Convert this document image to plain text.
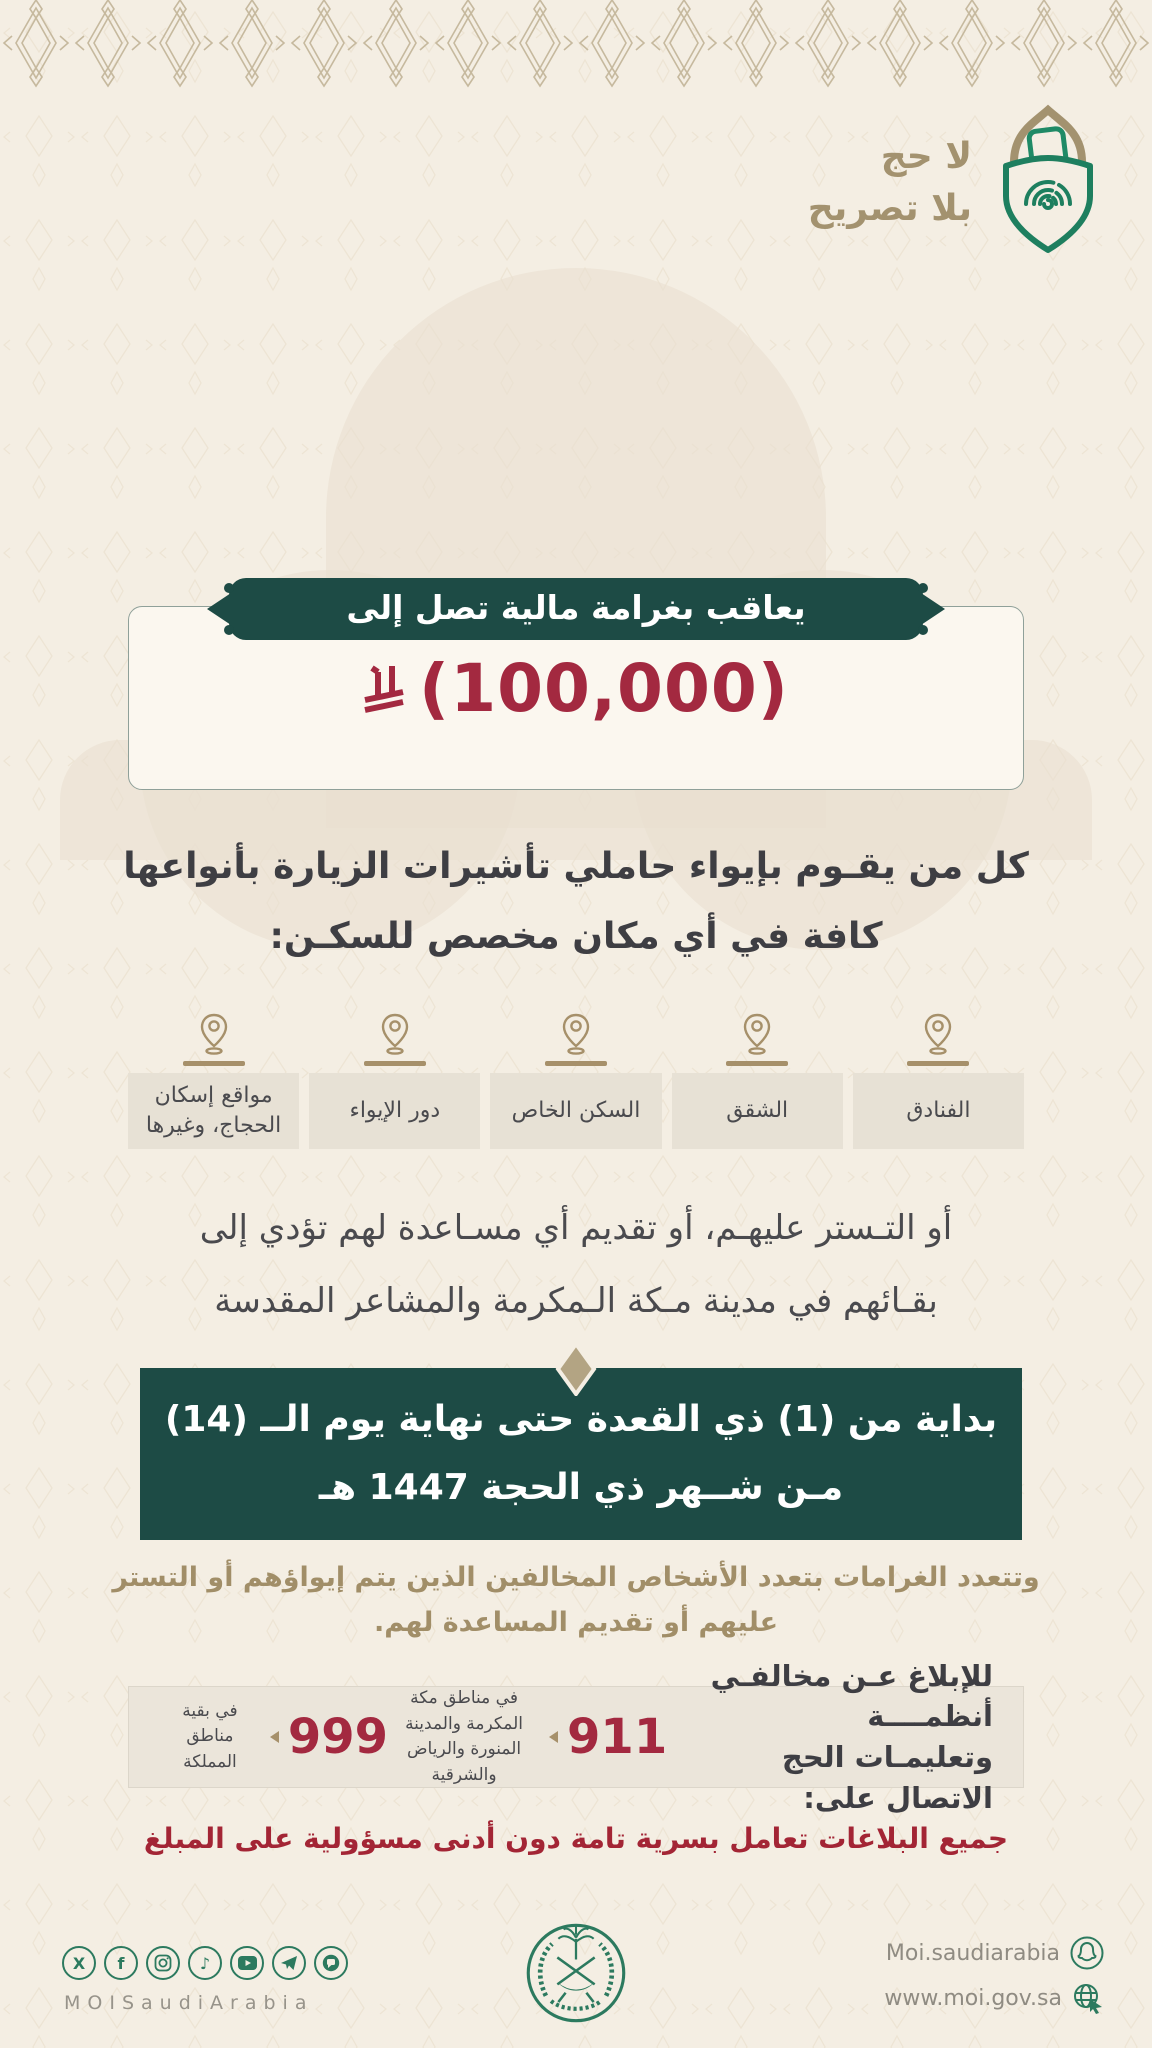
لا حج
بلا تصريح
يعاقب بغرامة مالية تصل إلى
(100,000)
كل من يقـوم بإيواء حاملي تأشيرات الزيارة بأنواعها
كافة في أي مكان مخصص للسكـن:
الفنادق
الشقق
السكن الخاص
دور الإيواء
مواقع إسكان الحجاج، وغيرها
أو التـستر عليهـم، أو تقديم أي مسـاعدة لهم تؤدي إلى
بقـائهم في مدينة مـكة الـمكرمة والمشاعر المقدسة
بداية من (1) ذي القعدة حتى نهاية يوم الــ (14)
مـن شــهر ذي الحجة 1447 هـ
وتتعدد الغرامات بتعدد الأشخاص المخالفين الذين يتم إيواؤهم أو التستر
عليهم أو تقديم المساعدة لهم.
للإبلاغ عـن مخالفـي أنظمــــة
وتعليمـات الحج الاتصال على:
911
في مناطق مكة المكرمة والمدينة
المنورة والرياض والشرقية
999
في بقية مناطق المملكة
جميع البلاغات تعامل بسرية تامة دون أدنى مسؤولية على المبلغ
X	f	♪
MOISaudiArabia
Moi.saudiarabia
www.moi.gov.sa
